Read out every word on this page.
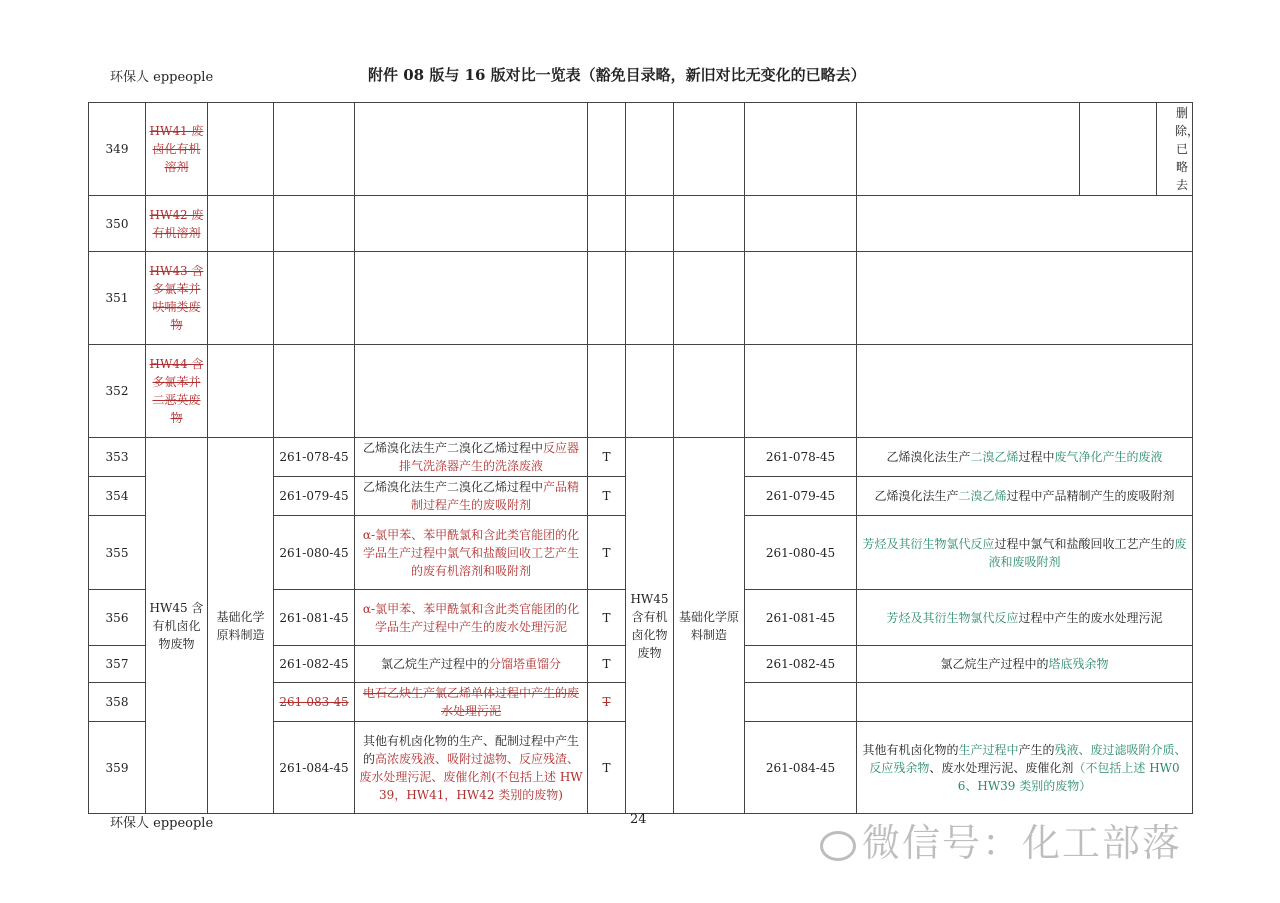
环保人 eppeople	附件 08 版与 16 版对比一览表（豁免目录略，新旧对比无变化的已略去）
349	HW41 废卤化有机溶剂										删除，已略去

350	HW42 废有机溶剂										
351	HW43 含多氯苯并呋喃类废物										
352	HW44 含多氯苯并二恶英废物										
353	HW45 含有机卤化物废物	基础化学原料制造	261-078-45	乙烯溴化法生产二溴化乙烯过程中反应器排气洗涤器产生的洗涤废液	T	HW45 含有机卤化物废物	基础化学原料制造	261-078-45	乙烯溴化法生产二溴乙烯过程中废气净化产生的废液		
354			261-079-45	乙烯溴化法生产二溴化乙烯过程中产品精制过程产生的废吸附剂	T			261-079-45	乙烯溴化法生产二溴乙烯过程中产品精制产生的废吸附剂		
355			261-080-45	α-氯甲苯、苯甲酰氯和含此类官能团的化学品生产过程中氯气和盐酸回收工艺产生的废有机溶剂和吸附剂	T			261-080-45	芳烃及其衍生物氯代反应过程中氯气和盐酸回收工艺产生的废液和废吸附剂		
356			261-081-45	α-氯甲苯、苯甲酰氯和含此类官能团的化学品生产过程中产生的废水处理污泥	T			261-081-45	芳烃及其衍生物氯代反应过程中产生的废水处理污泥		
357			261-082-45	氯乙烷生产过程中的分馏塔重馏分	T			261-082-45	氯乙烷生产过程中的塔底残余物		
358			261-083-45	电石乙炔生产氯乙烯单体过程中产生的废水处理污泥	T						
359			261-084-45	其他有机卤化物的生产、配制过程中产生的高浓废残液、吸附过滤物、反应残渣、废水处理污泥、废催化剂(不包括上述 HW39，HW41，HW42 类别的废物)	T			261-084-45	其他有机卤化物的生产过程中产生的残液、废过滤吸附介质、反应残余物、废水处理污泥、废催化剂（不包括上述 HW06、HW39 类别的废物）		
环保人 eppeople	24
微信号：化工部落
